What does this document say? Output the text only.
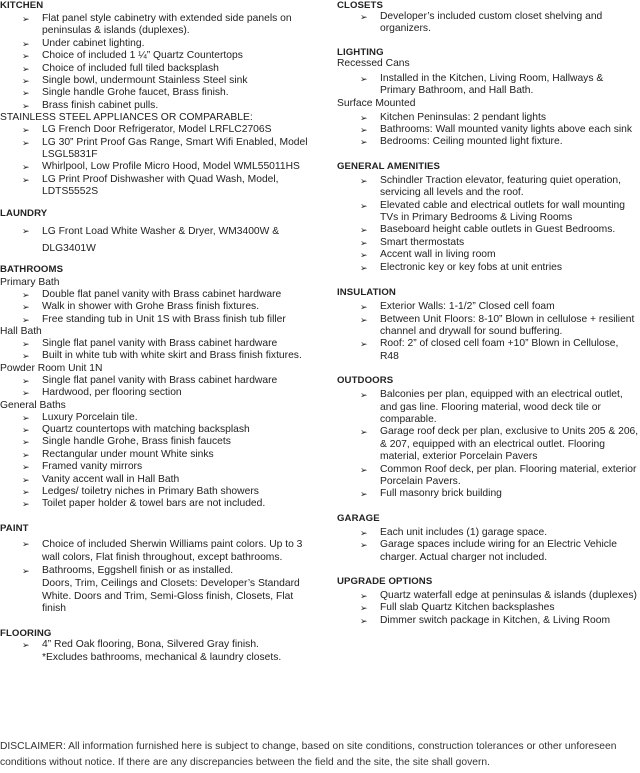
KITCHEN

➢ Flat panel style cabinetry with extended side panels on peninsulas & islands (duplexes).
➢ Under cabinet lighting.
➢ Choice of included 1 ¼” Quartz Countertops
➢ Choice of included full tiled backsplash
➢ Single bowl, undermount Stainless Steel sink
➢ Single handle Grohe faucet, Brass finish.
➢ Brass finish cabinet pulls.
STAINLESS STEEL APPLIANCES OR COMPARABLE:
➢ LG French Door Refrigerator, Model LRFLC2706S
➢ LG 30” Print Proof Gas Range, Smart Wifi Enabled, Model LSGL5831F
➢ Whirlpool, Low Profile Micro Hood, Model WML55011HS
➢ LG Print Proof Dishwasher with Quad Wash, Model, LDTS5552S

LAUNDRY

➢ LG Front Load White Washer & Dryer, WM3400W & DLG3401W

BATHROOMS

Primary Bath
➢ Double flat panel vanity with Brass cabinet hardware
➢ Walk in shower with Grohe Brass finish fixtures.
➢ Free standing tub in Unit 1S with Brass finish tub filler
Hall Bath
➢ Single flat panel vanity with Brass cabinet hardware
➢ Built in white tub with white skirt and Brass finish fixtures.
Powder Room Unit 1N
➢ Single flat panel vanity with Brass cabinet hardware
➢ Hardwood, per flooring section
General Baths
➢ Luxury Porcelain tile.
➢ Quartz countertops with matching backsplash
➢ Single handle Grohe, Brass finish faucets
➢ Rectangular under mount White sinks
➢ Framed vanity mirrors
➢ Vanity accent wall in Hall Bath
➢ Ledges/ toiletry niches in Primary Bath showers
➢ Toilet paper holder & towel bars are not included.

PAINT

➢ Choice of included Sherwin Williams paint colors. Up to 3 wall colors, Flat finish throughout, except bathrooms.
➢ Bathrooms, Eggshell finish or as installed.
Doors, Trim, Ceilings and Closets: Developer’s Standard White. Doors and Trim, Semi-Gloss finish, Closets, Flat finish

FLOORING

➢ 4” Red Oak flooring, Bona, Silvered Gray finish.
*Excludes bathrooms, mechanical & laundry closets.

CLOSETS

➢ Developer’s included custom closet shelving and organizers.

LIGHTING

Recessed Cans
➢ Installed in the Kitchen, Living Room, Hallways & Primary Bathroom, and Hall Bath.
Surface Mounted
➢ Kitchen Peninsulas: 2 pendant lights
➢ Bathrooms: Wall mounted vanity lights above each sink
➢ Bedrooms: Ceiling mounted light fixture.

GENERAL AMENITIES

➢ Schindler Traction elevator, featuring quiet operation, servicing all levels and the roof.
➢ Elevated cable and electrical outlets for wall mounting TVs in Primary Bedrooms & Living Rooms
➢ Baseboard height cable outlets in Guest Bedrooms.
➢ Smart thermostats
➢ Accent wall in living room
➢ Electronic key or key fobs at unit entries

INSULATION

➢ Exterior Walls: 1-1/2” Closed cell foam
➢ Between Unit Floors: 8-10” Blown in cellulose + resilient channel and drywall for sound buffering.
➢ Roof: 2” of closed cell foam +10” Blown in Cellulose, R48

OUTDOORS

➢ Balconies per plan, equipped with an electrical outlet, and gas line. Flooring material, wood deck tile or comparable.
➢ Garage roof deck per plan, exclusive to Units 205 & 206, & 207, equipped with an electrical outlet. Flooring material, exterior Porcelain Pavers
➢ Common Roof deck, per plan. Flooring material, exterior Porcelain Pavers.
➢ Full masonry brick building

GARAGE

➢ Each unit includes (1) garage space.
➢ Garage spaces include wiring for an Electric Vehicle charger. Actual charger not included.

UPGRADE OPTIONS

➢ Quartz waterfall edge at peninsulas & islands (duplexes)
➢ Full slab Quartz Kitchen backsplashes
➢ Dimmer switch package in Kitchen, & Living Room
DISCLAIMER: All information furnished here is subject to change, based on site conditions, construction tolerances or other unforeseen conditions without notice. If there are any discrepancies between the field and the site, the site shall govern.
